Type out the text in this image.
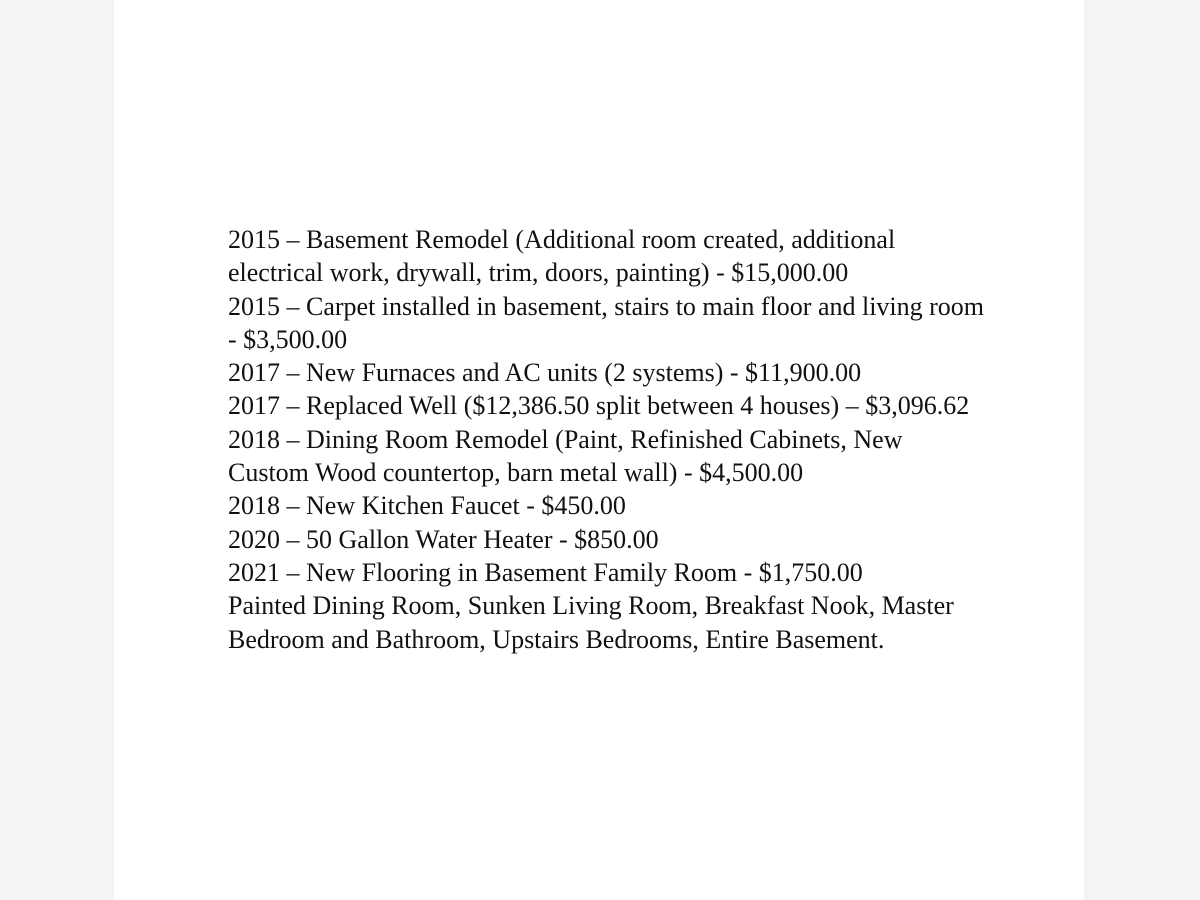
2015 – Basement Remodel (Additional room created, additional electrical work, drywall, trim, doors, painting) - $15,000.00
2015 – Carpet installed in basement, stairs to main floor and living room - $3,500.00
2017 – New Furnaces and AC units (2 systems) - $11,900.00
2017 – Replaced Well ($12,386.50 split between 4 houses) – $3,096.62
2018 – Dining Room Remodel (Paint, Refinished Cabinets, New Custom Wood countertop, barn metal wall) - $4,500.00
2018 – New Kitchen Faucet - $450.00
2020 – 50 Gallon Water Heater - $850.00
2021 – New Flooring in Basement Family Room - $1,750.00
Painted Dining Room, Sunken Living Room, Breakfast Nook, Master Bedroom and Bathroom, Upstairs Bedrooms, Entire Basement.
